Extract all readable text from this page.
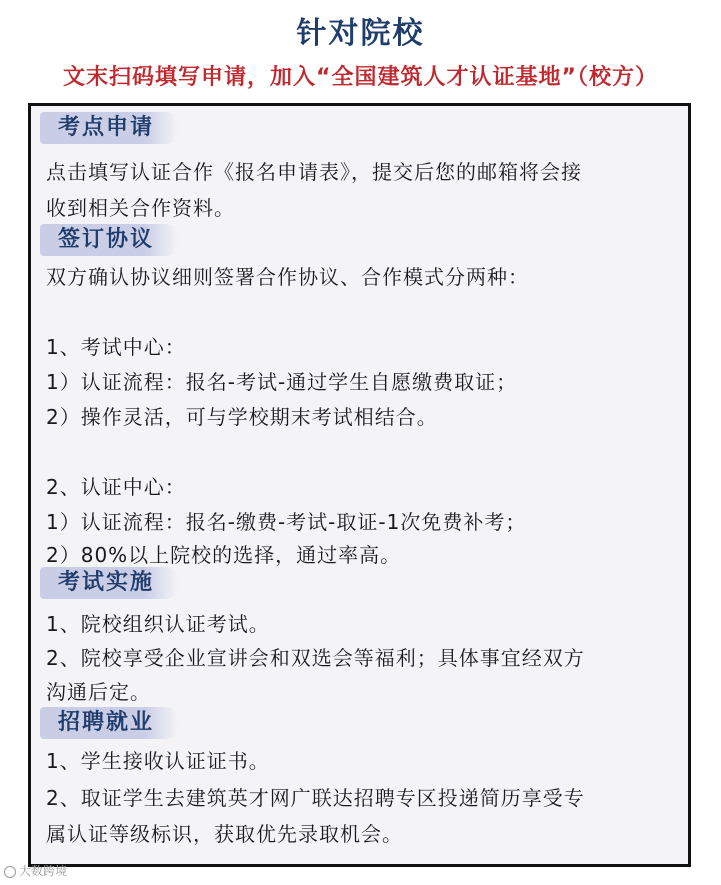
针对院校
文末扫码填写申请，加入“全国建筑人才认证基地”（校方）
考点申请
点击填写认证合作《报名申请表》，提交后您的邮箱将会接
收到相关合作资料。
签订协议
双方确认协议细则签署合作协议、合作模式分两种：
1、考试中心：
1）认证流程：报名-考试-通过学生自愿缴费取证；
2）操作灵活，可与学校期末考试相结合。
2、认证中心：
1）认证流程：报名-缴费-考试-取证-1次免费补考；
2）80%以上院校的选择，通过率高。
考试实施
1、院校组织认证考试。
2、院校享受企业宣讲会和双选会等福利；具体事宜经双方
沟通后定。
招聘就业
1、学生接收认证证书。
2、取证学生去建筑英才网广联达招聘专区投递简历享受专
属认证等级标识，获取优先录取机会。
大数跨境
